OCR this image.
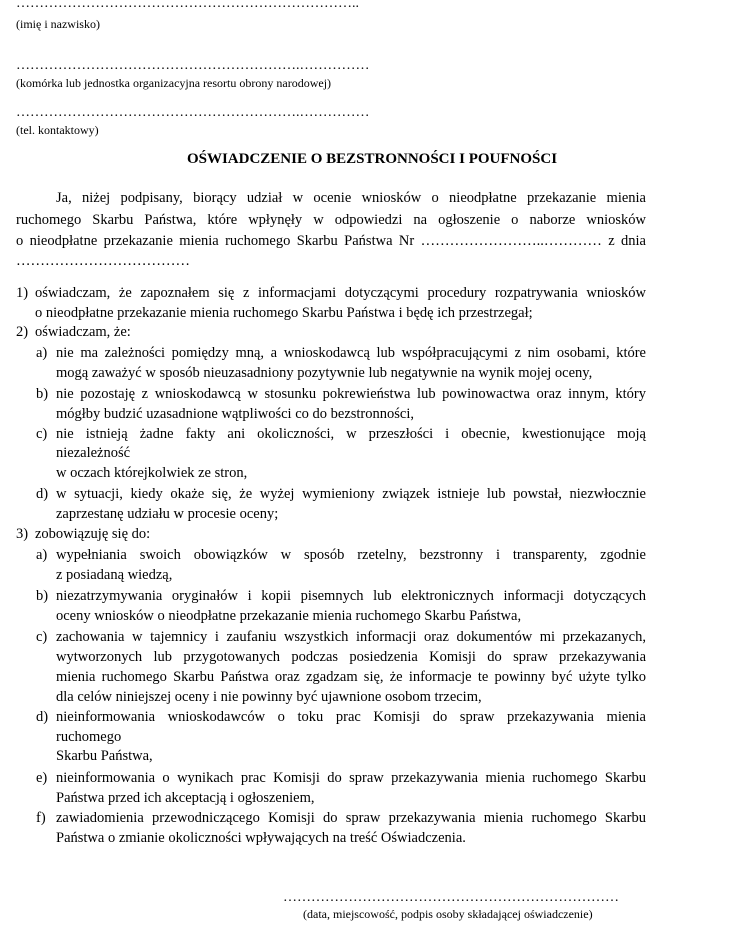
………………………………………………………………..
(imię i nazwisko)
…………………………………………………….……………
(komórka lub jednostka organizacyjna resortu obrony narodowej)
…………………………………………………….……………
(tel. kontaktowy)
OŚWIADCZENIE O BEZSTRONNOŚCI I POUFNOŚCI
Ja, niżej podpisany, biorący udział w ocenie wniosków o nieodpłatne przekazanie mienia
ruchomego Skarbu Państwa, które wpłynęły w odpowiedzi na ogłoszenie o naborze wniosków
o nieodpłatne przekazanie mienia ruchomego Skarbu Państwa Nr ……………………..………… z dnia
………………………………
1) oświadczam, że zapoznałem się z informacjami dotyczącymi procedury rozpatrywania wniosków
o nieodpłatne przekazanie mienia ruchomego Skarbu Państwa i będę ich przestrzegał;
2) oświadczam, że:
a) nie ma zależności pomiędzy mną, a wnioskodawcą lub współpracującymi z nim osobami, które
mogą zaważyć w sposób nieuzasadniony pozytywnie lub negatywnie na wynik mojej oceny,
b) nie pozostaję z wnioskodawcą w stosunku pokrewieństwa lub powinowactwa oraz innym, który
mógłby budzić uzasadnione wątpliwości co do bezstronności,
c) nie istnieją żadne fakty ani okoliczności, w przeszłości i obecnie, kwestionujące moją
niezależność
w oczach którejkolwiek ze stron,
d) w sytuacji, kiedy okaże się, że wyżej wymieniony związek istnieje lub powstał, niezwłocznie
zaprzestanę udziału w procesie oceny;
3) zobowiązuję się do:
a) wypełniania swoich obowiązków w sposób rzetelny, bezstronny i transparenty, zgodnie
z posiadaną wiedzą,
b) niezatrzymywania oryginałów i kopii pisemnych lub elektronicznych informacji dotyczących
oceny wniosków o nieodpłatne przekazanie mienia ruchomego Skarbu Państwa,
c) zachowania w tajemnicy i zaufaniu wszystkich informacji oraz dokumentów mi przekazanych,
wytworzonych lub przygotowanych podczas posiedzenia Komisji do spraw przekazywania
mienia ruchomego Skarbu Państwa oraz zgadzam się, że informacje te powinny być użyte tylko
dla celów niniejszej oceny i nie powinny być ujawnione osobom trzecim,
d) nieinformowania wnioskodawców o toku prac Komisji do spraw przekazywania mienia
ruchomego
Skarbu Państwa,
e) nieinformowania o wynikach prac Komisji do spraw przekazywania mienia ruchomego Skarbu
Państwa przed ich akceptacją i ogłoszeniem,
f) zawiadomienia przewodniczącego Komisji do spraw przekazywania mienia ruchomego Skarbu
Państwa o zmianie okoliczności wpływających na treść Oświadczenia.
………………………………………………………………
(data, miejscowość, podpis osoby składającej oświadczenie)
